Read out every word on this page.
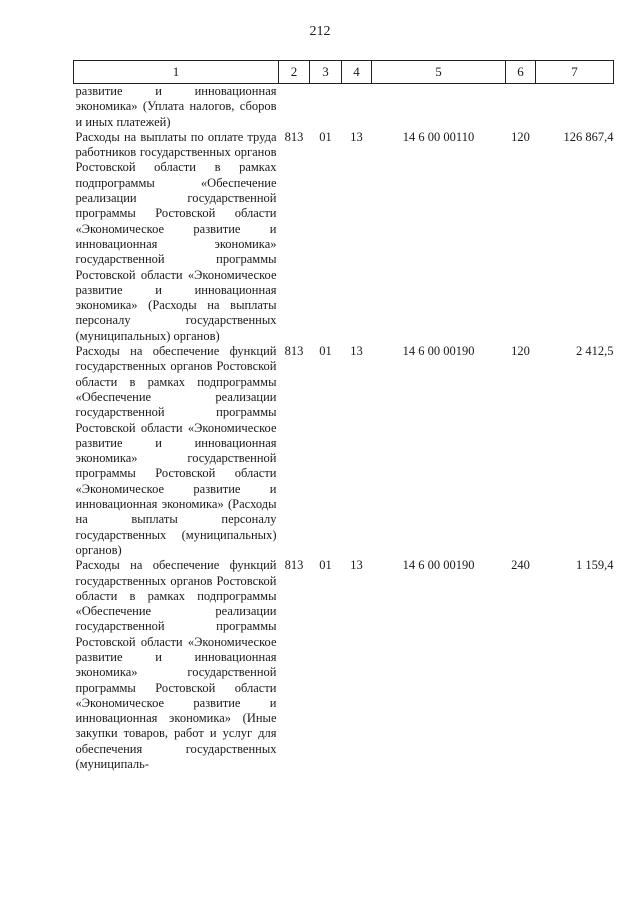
212
1	2	3	4	5	6	7
развитие и инновационная экономика» (Уплата налогов, сборов и иных платежей)						
Расходы на выплаты по оплате труда работников государственных органов Ростовской области в рамках подпрограммы «Обеспечение реализации государственной программы Ростовской области «Экономическое развитие и инновационная экономика» государственной программы Ростовской области «Экономическое развитие и инновационная экономика» (Расходы на выплаты персоналу государственных (муниципальных) органов)	813	01	13	14 6 00 00110	120	126 867,4
Расходы на обеспечение функций государственных органов Ростовской области в рамках подпрограммы «Обеспечение реализации государственной программы Ростовской области «Экономическое развитие и инновационная экономика» государственной программы Ростовской области «Экономическое развитие и инновационная экономика» (Расходы на выплаты персоналу государственных (муниципальных) органов)	813	01	13	14 6 00 00190	120	2 412,5
Расходы на обеспечение функций государственных органов Ростовской области в рамках подпрограммы «Обеспечение реализации государственной программы Ростовской области «Экономическое развитие и инновационная экономика» государственной программы Ростовской области «Экономическое развитие и инновационная экономика» (Иные закупки товаров, работ и услуг для обеспечения государственных (муниципаль-	813	01	13	14 6 00 00190	240	1 159,4
